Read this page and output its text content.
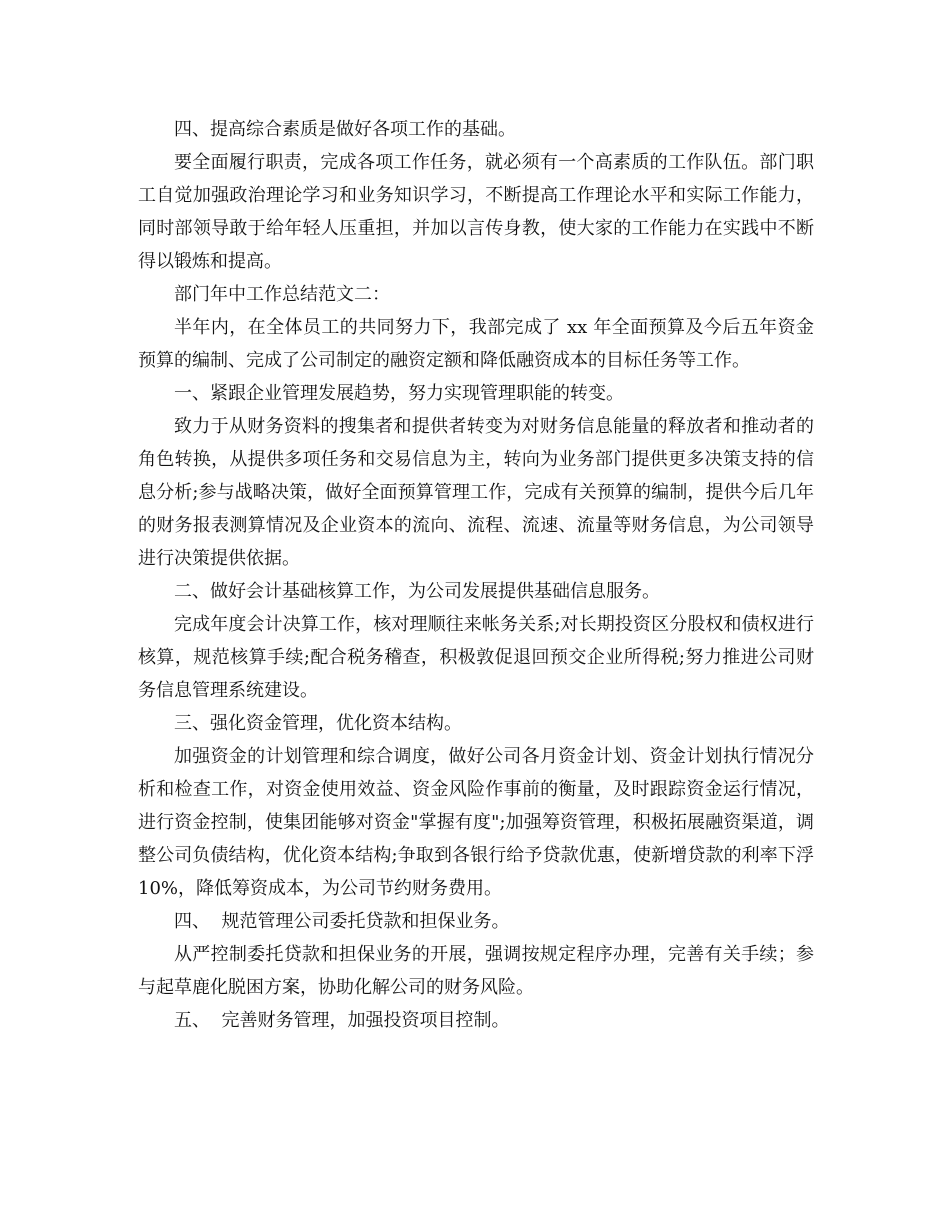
四、提高综合素质是做好各项工作的基础。

要全面履行职责，完成各项工作任务，就必须有一个高素质的工作队伍。部门职工自觉加强政治理论学习和业务知识学习，不断提高工作理论水平和实际工作能力，同时部领导敢于给年轻人压重担，并加以言传身教，使大家的工作能力在实践中不断得以锻炼和提高。

部门年中工作总结范文二：

半年内，在全体员工的共同努力下，我部完成了 xx 年全面预算及今后五年资金预算的编制、完成了公司制定的融资定额和降低融资成本的目标任务等工作。

一、紧跟企业管理发展趋势，努力实现管理职能的转变。

致力于从财务资料的搜集者和提供者转变为对财务信息能量的释放者和推动者的角色转换，从提供多项任务和交易信息为主，转向为业务部门提供更多决策支持的信息分析;参与战略决策，做好全面预算管理工作，完成有关预算的编制，提供今后几年的财务报表测算情况及企业资本的流向、流程、流速、流量等财务信息，为公司领导进行决策提供依据。

二、做好会计基础核算工作，为公司发展提供基础信息服务。

完成年度会计决算工作，核对理顺往来帐务关系;对长期投资区分股权和债权进行核算，规范核算手续;配合税务稽查，积极敦促退回预交企业所得税;努力推进公司财务信息管理系统建设。

三、强化资金管理，优化资本结构。

加强资金的计划管理和综合调度，做好公司各月资金计划、资金计划执行情况分析和检查工作，对资金使用效益、资金风险作事前的衡量，及时跟踪资金运行情况，进行资金控制，使集团能够对资金"掌握有度";加强筹资管理，积极拓展融资渠道，调整公司负债结构，优化资本结构;争取到各银行给予贷款优惠，使新增贷款的利率下浮 10%，降低筹资成本，为公司节约财务费用。

四、  规范管理公司委托贷款和担保业务。

从严控制委托贷款和担保业务的开展，强调按规定程序办理，完善有关手续；参与起草鹿化脱困方案，协助化解公司的财务风险。

五、  完善财务管理，加强投资项目控制。
